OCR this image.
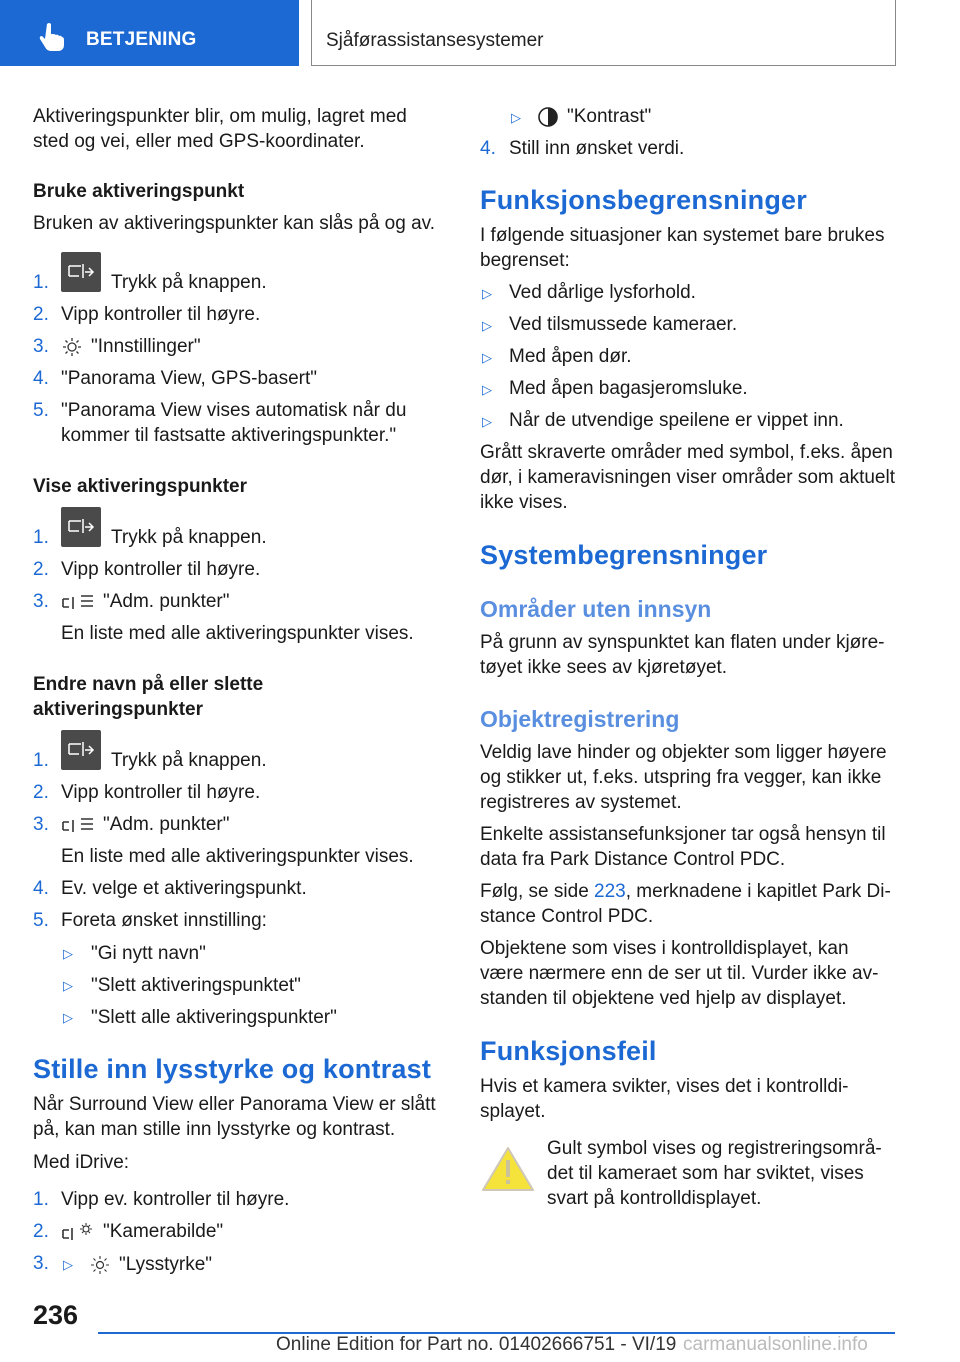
BETJENING	Sjåførassistansesystemer
Aktiveringspunkter blir, om mulig, lagret med
sted og vei, eller med GPS-koordinater.
Bruke aktiveringspunkt
Bruken av aktiveringspunkter kan slås på og av.
1.	Trykk på knappen.
2. Vipp kontroller til høyre.
3. "Innstillinger"
4. "Panorama View, GPS-basert"
5. "Panorama View vises automatisk når du
kommer til fastsatte aktiveringspunkter."
Vise aktiveringspunkter
1.	Trykk på knappen.
2. Vipp kontroller til høyre.
3.	"Adm. punkter"
En liste med alle aktiveringspunkter vises.
Endre navn på eller slette
aktiveringspunkter
1.	Trykk på knappen.
2. Vipp kontroller til høyre.
3.	"Adm. punkter"
En liste med alle aktiveringspunkter vises.
4. Ev. velge et aktiveringspunkt.
5. Foreta ønsket innstilling:
▷ "Gi nytt navn"
▷ "Slett aktiveringspunktet"
▷ "Slett alle aktiveringspunkter"
Stille inn lysstyrke og kontrast
Når Surround View eller Panorama View er slått
på, kan man stille inn lysstyrke og kontrast.
Med iDrive:
1. Vipp ev. kontroller til høyre.
2.	"Kamerabilde"
3. ▷ "Lysstyrke"
▷ "Kontrast"
4. Still inn ønsket verdi.
Funksjonsbegrensninger
I følgende situasjoner kan systemet bare brukes
begrenset:
▷ Ved dårlige lysforhold.
▷ Ved tilsmussede kameraer.
▷ Med åpen dør.
▷ Med åpen bagasjeromsluke.
▷ Når de utvendige speilene er vippet inn.
Grått skraverte områder med symbol, f.eks. åpen
dør, i kameravisningen viser områder som aktuelt
ikke vises.
Systembegrensninger
Områder uten innsyn
På grunn av synspunktet kan flaten under kjøre-
tøyet ikke sees av kjøretøyet.
Objektregistrering
Veldig lave hinder og objekter som ligger høyere
og stikker ut, f.eks. utspring fra vegger, kan ikke
registreres av systemet.
Enkelte assistansefunksjoner tar også hensyn til
data fra Park Distance Control PDC.
Følg, se side 223, merknadene i kapitlet Park Di-
stance Control PDC.
Objektene som vises i kontrolldisplayet, kan
være nærmere enn de ser ut til. Vurder ikke av-
standen til objektene ved hjelp av displayet.
Funksjonsfeil
Hvis et kamera svikter, vises det i kontrolldi-
splayet.
Gult symbol vises og registreringsområ-
det til kameraet som har sviktet, vises
svart på kontrolldisplayet.
236
Online Edition for Part no. 01402666751 - VI/19 carmanualsonline.info
